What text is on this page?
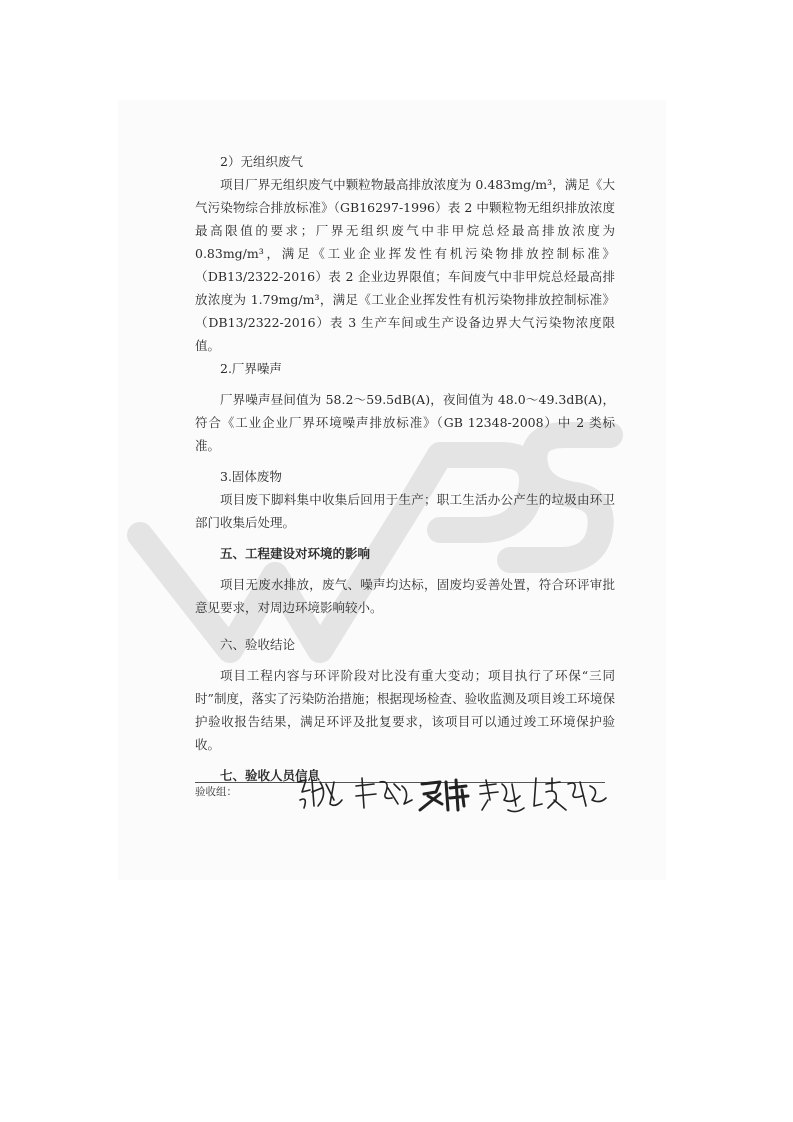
2）无组织废气

项目厂界无组织废气中颗粒物最高排放浓度为 0.483mg/m³，满足《大气污染物综合排放标准》（GB16297-1996）表 2 中颗粒物无组织排放浓度最高限值的要求；厂界无组织废气中非甲烷总烃最高排放浓度为 0.83mg/m³，满足《工业企业挥发性有机污染物排放控制标准》（DB13/2322-2016）表 2 企业边界限值；车间废气中非甲烷总烃最高排放浓度为 1.79mg/m³，满足《工业企业挥发性有机污染物排放控制标准》（DB13/2322-2016）表 3 生产车间或生产设备边界大气污染物浓度限值。

2.厂界噪声

厂界噪声昼间值为 58.2～59.5dB(A)，夜间值为 48.0～49.3dB(A)，符合《工业企业厂界环境噪声排放标准》（GB 12348-2008）中 2 类标准。

3.固体废物

项目废下脚料集中收集后回用于生产；职工生活办公产生的垃圾由环卫部门收集后处理。

五、工程建设对环境的影响

项目无废水排放，废气、噪声均达标，固废均妥善处置，符合环评审批意见要求，对周边环境影响较小。

六、验收结论

项目工程内容与环评阶段对比没有重大变动；项目执行了环保“三同时”制度，落实了污染防治措施；根据现场检查、验收监测及项目竣工环境保护验收报告结果，满足环评及批复要求，该项目可以通过竣工环境保护验收。

七、验收人员信息

验收组：
